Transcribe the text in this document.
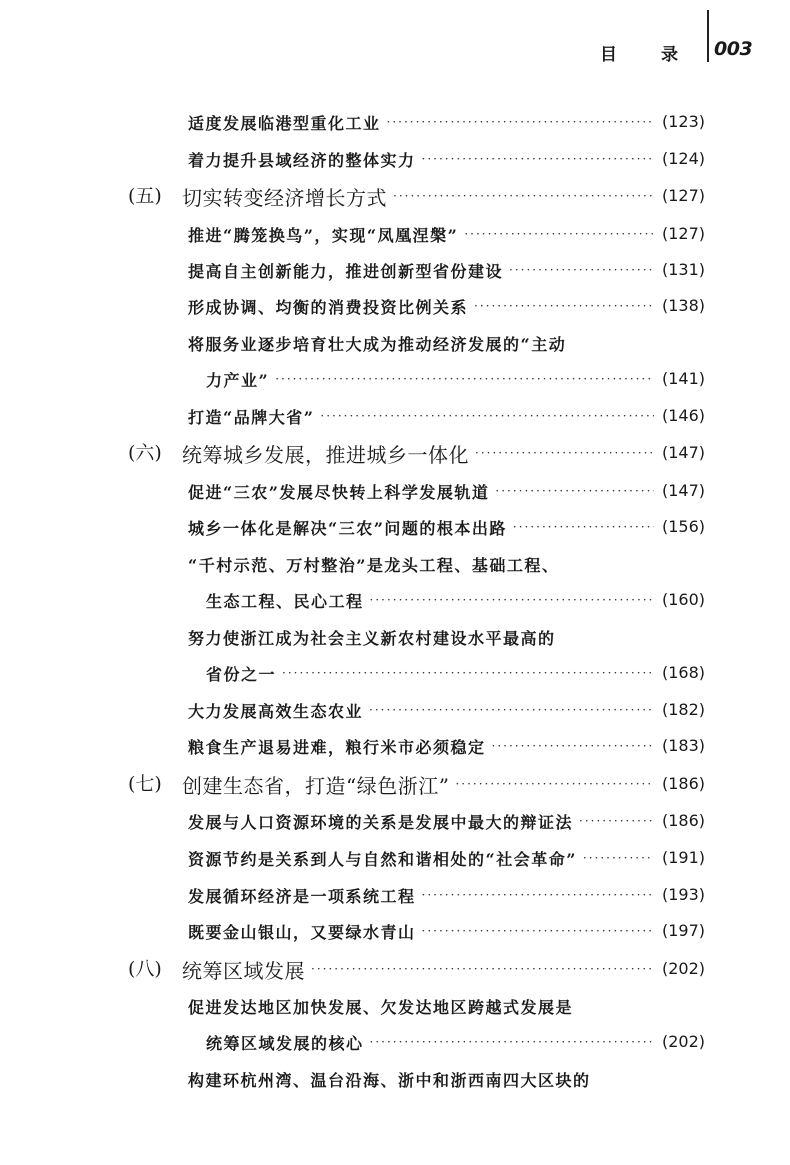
目	录 003
适度发展临港型重化工业 ·····	(123)
着力提升县域经济的整体实力 ·····	(124)
(五)	切实转变经济增长方式 ·····	(127)
推进“腾笼换鸟”，实现“凤凰涅槃” ·····	(127)
提高自主创新能力，推进创新型省份建设 ·····	(131)
形成协调、均衡的消费投资比例关系 ·····	(138)
将服务业逐步培育壮大成为推动经济发展的“主动
力产业” ·····	(141)
打造“品牌大省” ·····	(146)
(六)	统筹城乡发展，推进城乡一体化 ·····	(147)
促进“三农”发展尽快转上科学发展轨道 ·····	(147)
城乡一体化是解决“三农”问题的根本出路 ·····	(156)
“千村示范、万村整治”是龙头工程、基础工程、
生态工程、民心工程 ·····	(160)
努力使浙江成为社会主义新农村建设水平最高的
省份之一 ·····	(168)
大力发展高效生态农业 ·····	(182)
粮食生产退易进难，粮行米市必须稳定 ·····	(183)
(七)	创建生态省，打造“绿色浙江” ·····	(186)
发展与人口资源环境的关系是发展中最大的辩证法 ·····	(186)
资源节约是关系到人与自然和谐相处的“社会革命” ·····	(191)
发展循环经济是一项系统工程 ·····	(193)
既要金山银山，又要绿水青山 ·····	(197)
(八)	统筹区域发展 ·····	(202)
促进发达地区加快发展、欠发达地区跨越式发展是
统筹区域发展的核心 ·····	(202)
构建环杭州湾、温台沿海、浙中和浙西南四大区块的
